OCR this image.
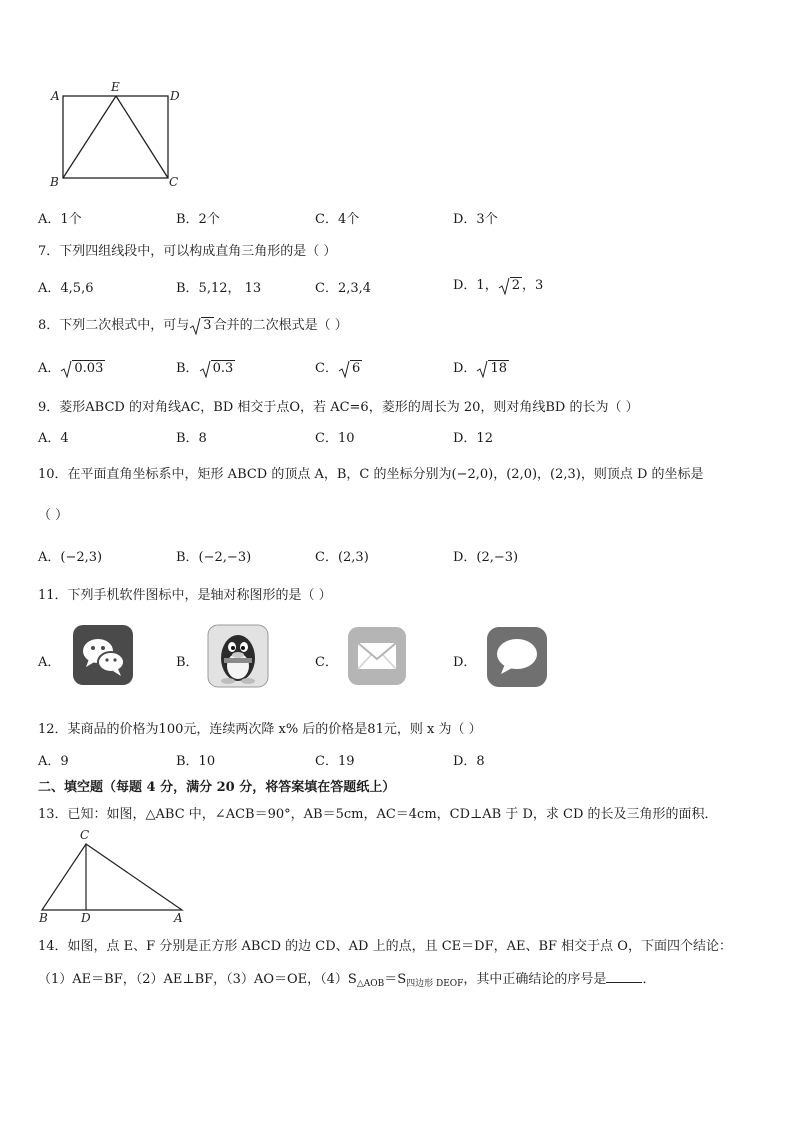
A
E
D
B	C
A．1个	B．2个	C．4个	D．3个
7．下列四组线段中，可以构成直角三角形的是（ ）
A．4,5,6	B．5,12， 13	C．2,3,4	D．1， 2 ，3
8．下列二次根式中，可与 3 合并的二次根式是（ ）
A． 0.03	B． 0.3	C． 6	D． 18
9．菱形ABCD 的对角线AC，BD 相交于点O，若 AC=6，菱形的周长为 20，则对角线BD 的长为（ ）
A．4	B．8	C．10	D．12
10．在平面直角坐标系中，矩形 ABCD 的顶点 A，B，C 的坐标分别为(−2,0)，(2,0)，(2,3)，则顶点 D 的坐标是
（ ）
A．(−2,3)	B．(−2,−3)	C．(2,3)	D．(2,−3)
11．下列手机软件图标中，是轴对称图形的是（ ）
A．	B．	C．	D．
12．某商品的价格为100元，连续两次降 x% 后的价格是81元，则 x 为（ ）
A．9	B．10	C．19	D．8
二、填空题（每题 4 分，满分 20 分，将答案填在答题纸上）
13．已知：如图，△ABC 中，∠ACB＝90°，AB＝5cm，AC＝4cm，CD⊥AB 于 D，求 CD 的长及三角形的面积．
C
B	D	A
14．如图，点 E、F 分别是正方形 ABCD 的边 CD、AD 上的点，且 CE＝DF，AE、BF 相交于点 O，下面四个结论：
（1）AE＝BF，（2）AE⊥BF，（3）AO＝OE，$(4)S_{\triangle AOB}=S_{四边形 DEOF}$，其中正确结论的序号是	．
